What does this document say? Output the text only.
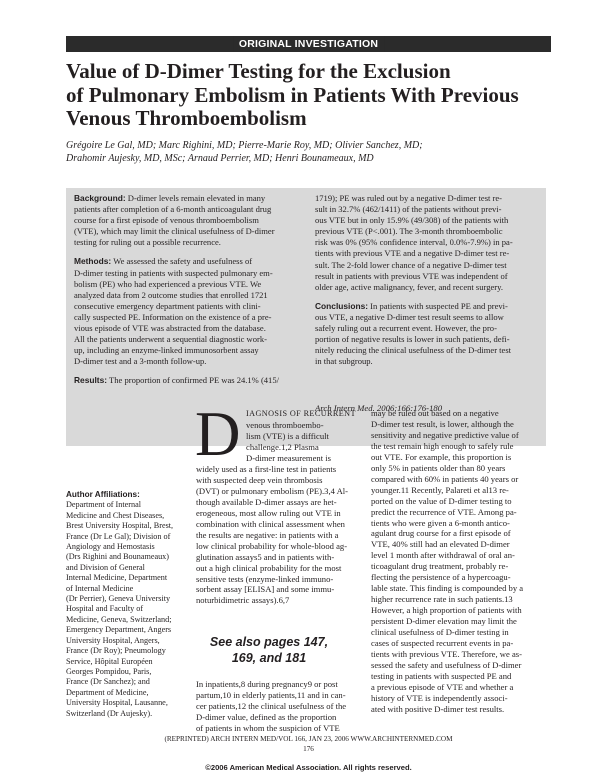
ORIGINAL INVESTIGATION
Value of D-Dimer Testing for the Exclusion
of Pulmonary Embolism in Patients With Previous
Venous Thromboembolism
Grégoire Le Gal, MD; Marc Righini, MD; Pierre-Marie Roy, MD; Olivier Sanchez, MD;
Drahomir Aujesky, MD, MSc; Arnaud Perrier, MD; Henri Bounameaux, MD
Background: D-dimer levels remain elevated in many
patients after completion of a 6-month anticoagulant drug
course for a first episode of venous thromboembolism
(VTE), which may limit the clinical usefulness of D-dimer
testing for ruling out a possible recurrence.
Methods: We assessed the safety and usefulness of
D-dimer testing in patients with suspected pulmonary em-
bolism (PE) who had experienced a previous VTE. We
analyzed data from 2 outcome studies that enrolled 1721
consecutive emergency department patients with clini-
cally suspected PE. Information on the existence of a pre-
vious episode of VTE was abstracted from the database.
All the patients underwent a sequential diagnostic work-
up, including an enzyme-linked immunosorbent assay
D-dimer test and a 3-month follow-up.
Results: The proportion of confirmed PE was 24.1% (415/
1719); PE was ruled out by a negative D-dimer test re-
sult in 32.7% (462/1411) of the patients without previ-
ous VTE but in only 15.9% (49/308) of the patients with
previous VTE (P<.001). The 3-month thromboembolic
risk was 0% (95% confidence interval, 0.0%-7.9%) in pa-
tients with previous VTE and a negative D-dimer test re-
sult. The 2-fold lower chance of a negative D-dimer test
result in patients with previous VTE was independent of
older age, active malignancy, fever, and recent surgery.
Conclusions: In patients with suspected PE and previ-
ous VTE, a negative D-dimer test result seems to allow
safely ruling out a recurrent event. However, the pro-
portion of negative results is lower in such patients, defi-
nitely reducing the clinical usefulness of the D-dimer test
in that subgroup.
Arch Intern Med. 2006;166:176-180
Author Affiliations:
Department of Internal
Medicine and Chest Diseases,
Brest University Hospital, Brest,
France (Dr Le Gal); Division of
Angiology and Hemostasis
(Drs Righini and Bounameaux)
and Division of General
Internal Medicine, Department
of Internal Medicine
(Dr Perrier), Geneva University
Hospital and Faculty of
Medicine, Geneva, Switzerland;
Emergency Department, Angers
University Hospital, Angers,
France (Dr Roy); Pneumology
Service, Hôpital Européen
Georges Pompidou, Paris,
France (Dr Sanchez); and
Department of Medicine,
University Hospital, Lausanne,
Switzerland (Dr Aujesky).
D IAGNOSIS OF RECURRENT
venous thromboembo-
lism (VTE) is a difficult
challenge.1,2 Plasma
D-dimer measurement is
widely used as a first-line test in patients
with suspected deep vein thrombosis
(DVT) or pulmonary embolism (PE).3,4 Al-
though available D-dimer assays are het-
erogeneous, most allow ruling out VTE in
combination with clinical assessment when
the results are negative: in patients with a
low clinical probability for whole-blood ag-
glutination assays5 and in patients with-
out a high clinical probability for the most
sensitive tests (enzyme-linked immuno-
sorbent assay [ELISA] and some immu-
noturbidimetric assays).6,7
See also pages 147,
169, and 181
In inpatients,8 during pregnancy9 or post
partum,10 in elderly patients,11 and in can-
cer patients,12 the clinical usefulness of the
D-dimer value, defined as the proportion
of patients in whom the suspicion of VTE
may be ruled out based on a negative
D-dimer test result, is lower, although the
sensitivity and negative predictive value of
the test remain high enough to safely rule
out VTE. For example, this proportion is
only 5% in patients older than 80 years
compared with 60% in patients 40 years or
younger.11 Recently, Palareti et al13 re-
ported on the value of D-dimer testing to
predict the recurrence of VTE. Among pa-
tients who were given a 6-month antico-
agulant drug course for a first episode of
VTE, 40% still had an elevated D-dimer
level 1 month after withdrawal of oral an-
ticoagulant drug treatment, probably re-
flecting the persistence of a hypercoagu-
lable state. This finding is compounded by a
higher recurrence rate in such patients.13
However, a high proportion of patients with
persistent D-dimer elevation may limit the
clinical usefulness of D-dimer testing in
cases of suspected recurrent events in pa-
tients with previous VTE. Therefore, we as-
sessed the safety and usefulness of D-dimer
testing in patients with suspected PE and
a previous episode of VTE and whether a
history of VTE is independently associ-
ated with positive D-dimer test results.
(REPRINTED) ARCH INTERN MED/VOL 166, JAN 23, 2006 WWW.ARCHINTERNMED.COM
176
©2006 American Medical Association. All rights reserved.
